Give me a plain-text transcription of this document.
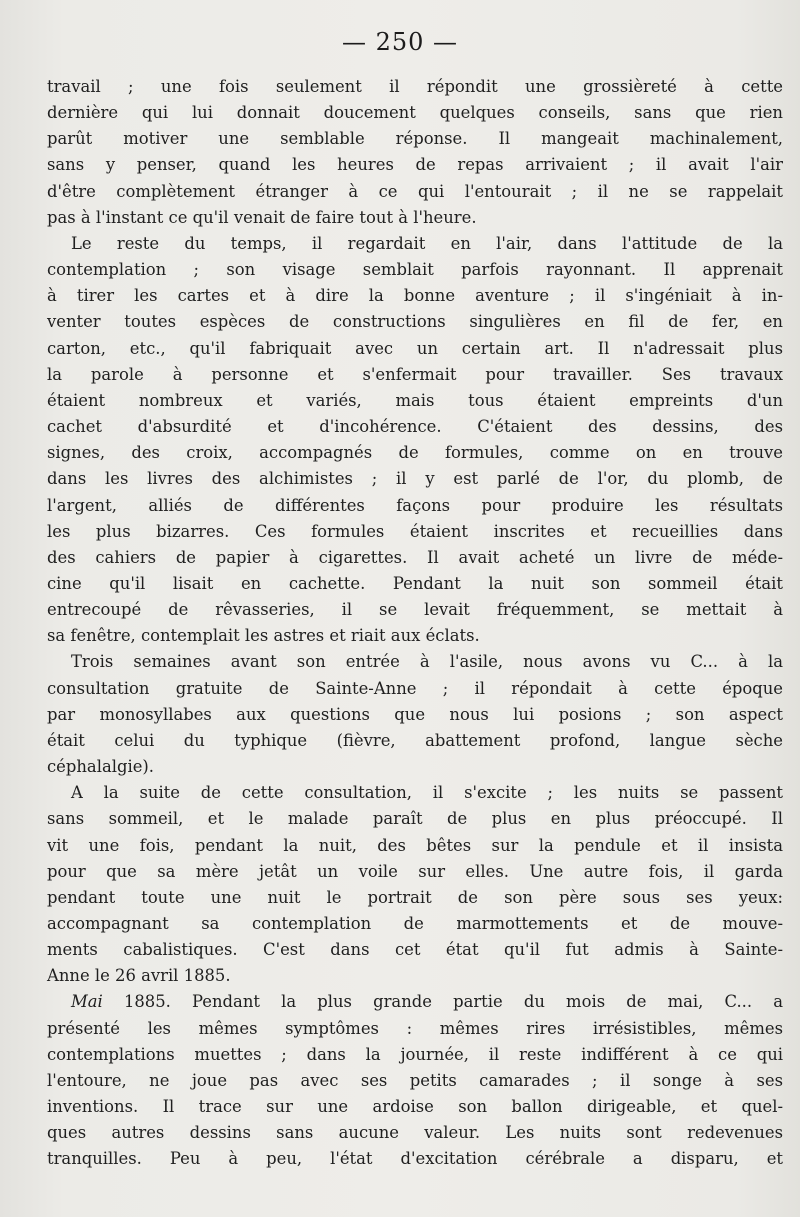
— 250 —
travail ; une fois seulement il répondit une grossièreté à cette
dernière qui lui donnait doucement quelques conseils, sans que rien
parût motiver une semblable réponse. Il mangeait machinalement,
sans y penser, quand les heures de repas arrivaient ; il avait l'air
d'être complètement étranger à ce qui l'entourait ; il ne se rappelait
pas à l'instant ce qu'il venait de faire tout à l'heure.
Le reste du temps, il regardait en l'air, dans l'attitude de la
contemplation ; son visage semblait parfois rayonnant. Il apprenait
à tirer les cartes et à dire la bonne aventure ; il s'ingéniait à in-
venter toutes espèces de constructions singulières en fil de fer, en
carton, etc., qu'il fabriquait avec un certain art. Il n'adressait plus
la parole à personne et s'enfermait pour travailler. Ses travaux
étaient nombreux et variés, mais tous étaient empreints d'un
cachet d'absurdité et d'incohérence. C'étaient des dessins, des
signes, des croix, accompagnés de formules, comme on en trouve
dans les livres des alchimistes ; il y est parlé de l'or, du plomb, de
l'argent, alliés de différentes façons pour produire les résultats
les plus bizarres. Ces formules étaient inscrites et recueillies dans
des cahiers de papier à cigarettes. Il avait acheté un livre de méde-
cine qu'il lisait en cachette. Pendant la nuit son sommeil était
entrecoupé de rêvasseries, il se levait fréquemment, se mettait à
sa fenêtre, contemplait les astres et riait aux éclats.
Trois semaines avant son entrée à l'asile, nous avons vu C... à la
consultation gratuite de Sainte-Anne ; il répondait à cette époque
par monosyllabes aux questions que nous lui posions ; son aspect
était celui du typhique (fièvre, abattement profond, langue sèche
céphalalgie).
A la suite de cette consultation, il s'excite ; les nuits se passent
sans sommeil, et le malade paraît de plus en plus préoccupé. Il
vit une fois, pendant la nuit, des bêtes sur la pendule et il insista
pour que sa mère jetât un voile sur elles. Une autre fois, il garda
pendant toute une nuit le portrait de son père sous ses yeux:
accompagnant sa contemplation de marmottements et de mouve-
ments cabalistiques. C'est dans cet état qu'il fut admis à Sainte-
Anne le 26 avril 1885.
Mai 1885. Pendant la plus grande partie du mois de mai, C... a
présenté les mêmes symptômes : mêmes rires irrésistibles, mêmes
contemplations muettes ; dans la journée, il reste indifférent à ce qui
l'entoure, ne joue pas avec ses petits camarades ; il songe à ses
inventions. Il trace sur une ardoise son ballon dirigeable, et quel-
ques autres dessins sans aucune valeur. Les nuits sont redevenues
tranquilles. Peu à peu, l'état d'excitation cérébrale a disparu, et
